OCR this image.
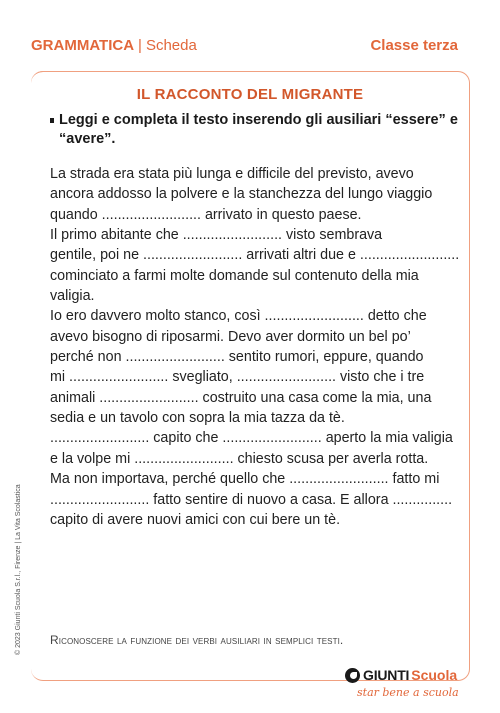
GRAMMATICA | Scheda	Classe terza
© 2023 Giunti Scuola S.r.l., Firenze | La Vita Scolastica
IL RACCONTO DEL MIGRANTE
Leggi e completa il testo inserendo gli ausiliari “essere” e
“avere”.
La strada era stata più lunga e difficile del previsto, avevo
ancora addosso la polvere e la stanchezza del lungo viaggio
quando ......................... arrivato in questo paese.
Il primo abitante che ......................... visto sembrava
gentile, poi ne ......................... arrivati altri due e .........................
cominciato a farmi molte domande sul contenuto della mia
valigia.
Io ero davvero molto stanco, così ......................... detto che
avevo bisogno di riposarmi. Devo aver dormito un bel po’
perché non ......................... sentito rumori, eppure, quando
mi ......................... svegliato, ......................... visto che i tre
animali ......................... costruito una casa come la mia, una
sedia e un tavolo con sopra la mia tazza da tè.
......................... capito che ......................... aperto la mia valigia
e la volpe mi ......................... chiesto scusa per averla rotta.
Ma non importava, perché quello che ......................... fatto mi
......................... fatto sentire di nuovo a casa. E allora ...............
capito di avere nuovi amici con cui bere un tè.
Riconoscere la funzione dei verbi ausiliari in semplici testi.
GIUNTI Scuola
star bene a scuola
